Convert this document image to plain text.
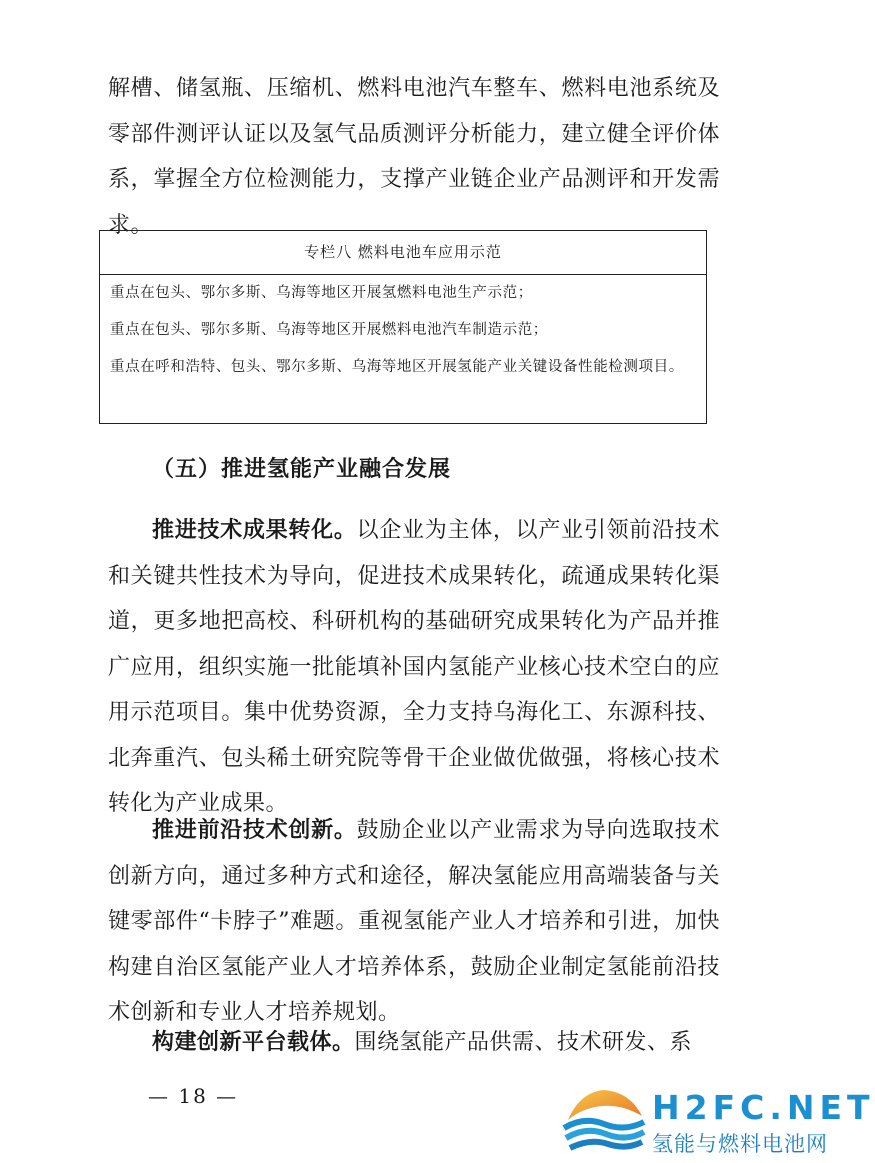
解槽、储氢瓶、压缩机、燃料电池汽车整车、燃料电池系统及零部件测评认证以及氢气品质测评分析能力，建立健全评价体系，掌握全方位检测能力，支撑产业链企业产品测评和开发需求。

专栏八 燃料电池车应用示范
重点在包头、鄂尔多斯、乌海等地区开展氢燃料电池生产示范；
重点在包头、鄂尔多斯、乌海等地区开展燃料电池汽车制造示范；
重点在呼和浩特、包头、鄂尔多斯、乌海等地区开展氢能产业关键设备性能检测项目。
（五）推进氢能产业融合发展

推进技术成果转化。以企业为主体，以产业引领前沿技术和关键共性技术为导向，促进技术成果转化，疏通成果转化渠道，更多地把高校、科研机构的基础研究成果转化为产品并推广应用，组织实施一批能填补国内氢能产业核心技术空白的应用示范项目。集中优势资源，全力支持乌海化工、东源科技、北奔重汽、包头稀土研究院等骨干企业做优做强，将核心技术转化为产业成果。

推进前沿技术创新。鼓励企业以产业需求为导向选取技术创新方向，通过多种方式和途径，解决氢能应用高端装备与关键零部件“卡脖子”难题。重视氢能产业人才培养和引进，加快构建自治区氢能产业人才培养体系，鼓励企业制定氢能前沿技术创新和专业人才培养规划。

构建创新平台载体。围绕氢能产品供需、技术研发、系

— 18 —	H2FC.NET
氢能与燃料电池网
